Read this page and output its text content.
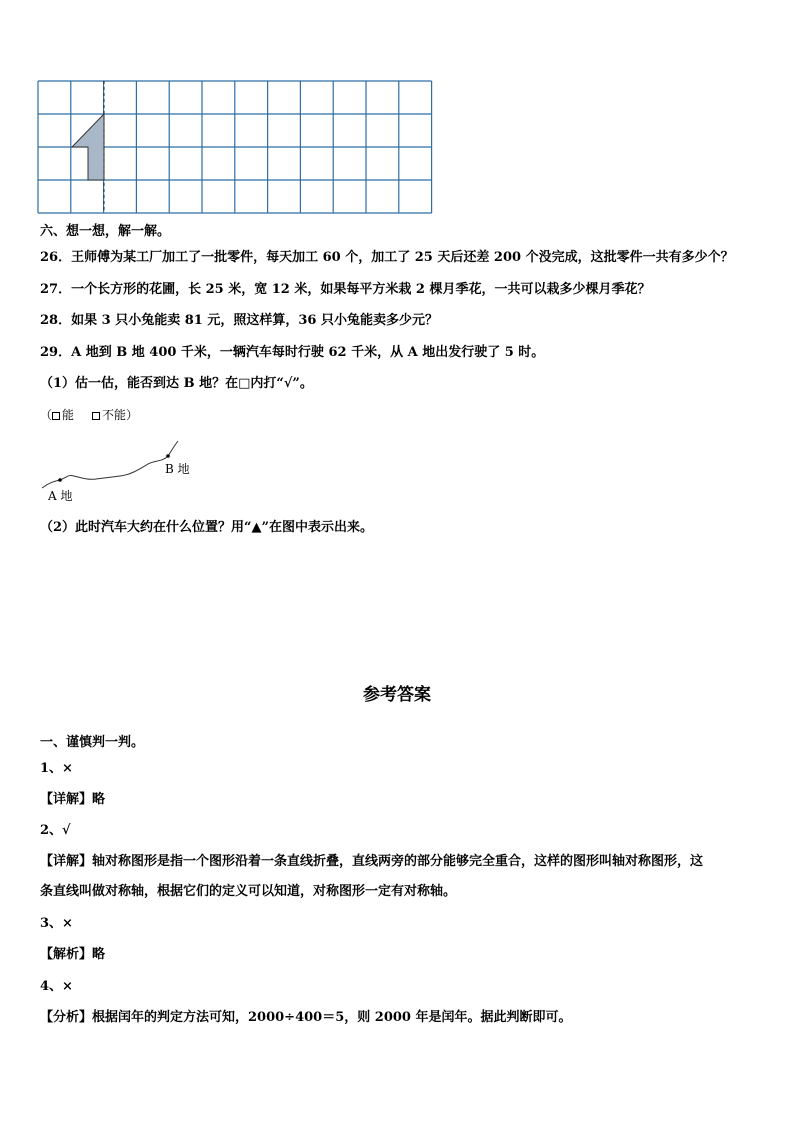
六、想一想，解一解。
26．王师傅为某工厂加工了一批零件，每天加工 60 个，加工了 25 天后还差 200 个没完成，这批零件一共有多少个？
27．一个长方形的花圃，长 25 米，宽 12 米，如果每平方米栽 2 棵月季花，一共可以栽多少棵月季花？
28．如果 3 只小兔能卖 81 元，照这样算，36 只小兔能卖多少元？
29．A 地到 B 地 400 千米，一辆汽车每时行驶 62 千米，从 A 地出发行驶了 5 时。
（1）估一估，能否到达 B 地？在□内打“√”。
（ 能 不能）
A 地
B 地
（2）此时汽车大约在什么位置？用“▲”在图中表示出来。
参考答案
一、谨慎判一判。
1、×
【详解】略
2、√
【详解】轴对称图形是指一个图形沿着一条直线折叠，直线两旁的部分能够完全重合，这样的图形叫轴对称图形，这
条直线叫做对称轴，根据它们的定义可以知道，对称图形一定有对称轴。
3、×
【解析】略
4、×
【分析】根据闰年的判定方法可知，2000÷400＝5，则 2000 年是闰年。据此判断即可。
